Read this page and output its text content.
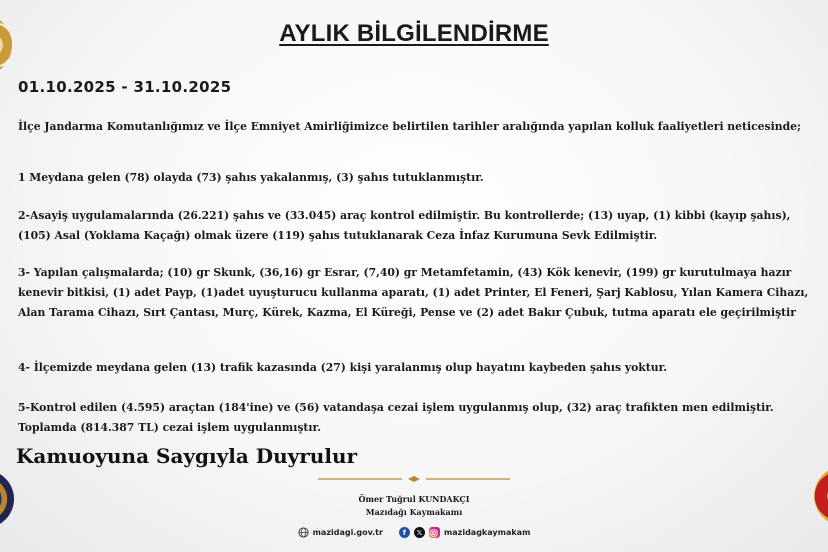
AYLIK BİLGİLENDİRME
01.10.2025 - 31.10.2025

İlçe Jandarma Komutanlığımız ve İlçe Emniyet Amirliğimizce belirtilen tarihler aralığında yapılan kolluk faaliyetleri neticesinde;

1 Meydana gelen (78) olayda (73) şahıs yakalanmış, (3) şahıs tutuklanmıştır.

2-Asayiş uygulamalarında (26.221) şahıs ve (33.045) araç kontrol edilmiştir. Bu kontrollerde; (13) uyap, (1) kibbi (kayıp şahıs), (105) Asal (Yoklama Kaçağı) olmak üzere (119) şahıs tutuklanarak Ceza İnfaz Kurumuna Sevk Edilmiştir.

3- Yapılan çalışmalarda; (10) gr Skunk, (36,16) gr Esrar, (7,40) gr Metamfetamin, (43) Kök kenevir, (199) gr kurutulmaya hazır kenevir bitkisi, (1) adet Payp, (1)adet uyuşturucu kullanma aparatı, (1) adet Printer, El Feneri, Şarj Kablosu, Yılan Kamera Cihazı, Alan Tarama Cihazı, Sırt Çantası, Murç, Kürek, Kazma, El Küreği, Pense ve (2) adet Bakır Çubuk, tutma aparatı ele geçirilmiştir

4- İlçemizde meydana gelen (13) trafik kazasında (27) kişi yaralanmış olup hayatını kaybeden şahıs yoktur.

5-Kontrol edilen (4.595) araçtan (184'ine) ve (56) vatandaşa cezai işlem uygulanmış olup, (32) araç trafikten men edilmiştir. Toplamda (814.387 TL) cezai işlem uygulanmıştır.

Kamuoyuna Saygıyla Duyrulur
Ömer Tuğrul KUNDAKÇI
Mazıdağı Kaymakamı
mazidagi.gov.tr	f	𝕏	mazidagkaymakam
